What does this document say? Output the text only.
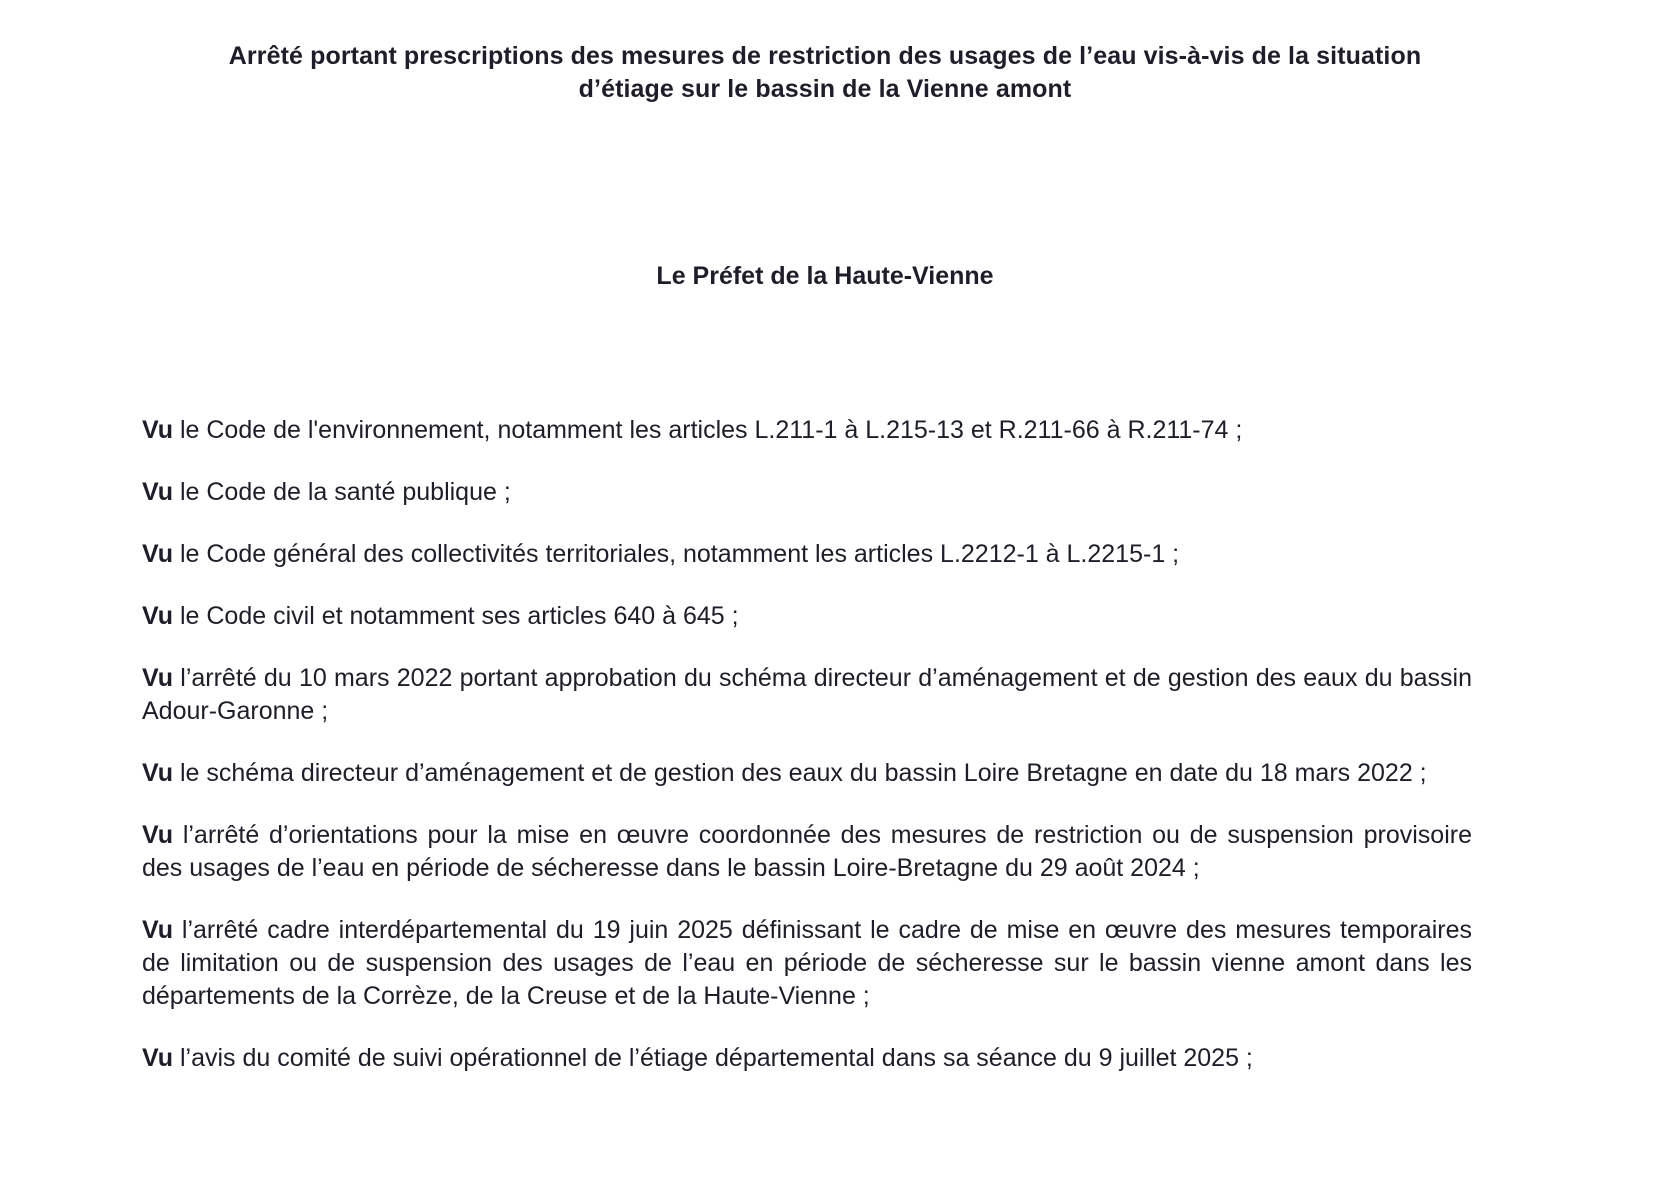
Arrêté portant prescriptions des mesures de restriction des usages de l’eau vis-à-vis de la situation
d’étiage sur le bassin de la Vienne amont
Le Préfet de la Haute-Vienne

Vu le Code de l'environnement, notamment les articles L.211-1 à L.215-13 et R.211-66 à R.211-74 ;

Vu le Code de la santé publique ;

Vu le Code général des collectivités territoriales, notamment les articles L.2212-1 à L.2215-1 ;

Vu le Code civil et notamment ses articles 640 à 645 ;

Vu l’arrêté du 10 mars 2022 portant approbation du schéma directeur d’aménagement et de gestion des eaux du bassin Adour-Garonne ;

Vu le schéma directeur d’aménagement et de gestion des eaux du bassin Loire Bretagne en date du 18 mars 2022 ;

Vu l’arrêté d’orientations pour la mise en œuvre coordonnée des mesures de restriction ou de suspension provisoire des usages de l’eau en période de sécheresse dans le bassin Loire-Bretagne du 29 août 2024 ;

Vu l’arrêté cadre interdépartemental du 19 juin 2025 définissant le cadre de mise en œuvre des mesures temporaires de limitation ou de suspension des usages de l’eau en période de sécheresse sur le bassin vienne amont dans les départements de la Corrèze, de la Creuse et de la Haute-Vienne ;

Vu l’avis du comité de suivi opérationnel de l’étiage départemental dans sa séance du 9 juillet 2025 ;
